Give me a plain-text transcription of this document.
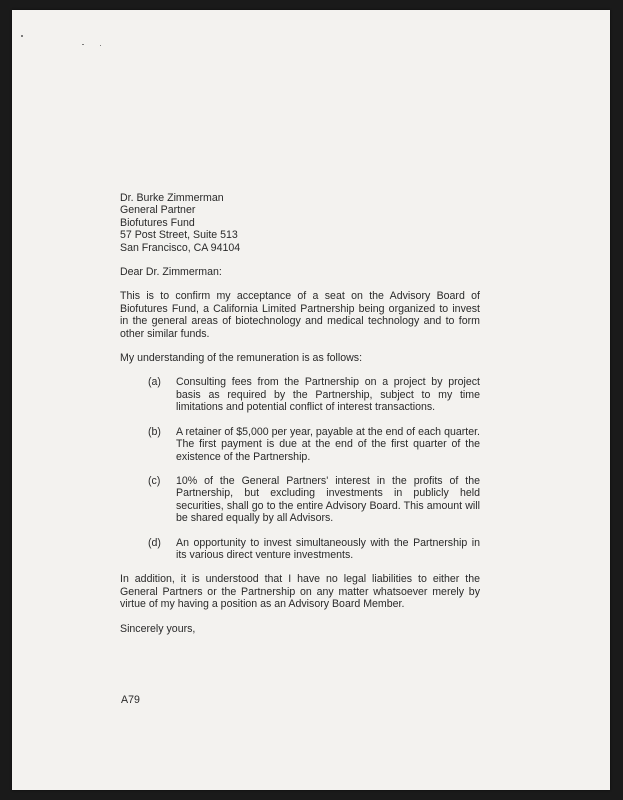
Dr. Burke Zimmerman
General Partner
Biofutures Fund
57 Post Street, Suite 513
San Francisco, CA 94104
Dear Dr. Zimmerman:
This is to confirm my acceptance of a seat on the Advisory Board of Biofutures Fund, a California Limited Partnership being organized to invest in the general areas of biotechnology and medical technology and to form other similar funds.
My understanding of the remuneration is as follows:
(a)	Consulting fees from the Partnership on a project by project basis as required by the Partnership, subject to my time limitations and potential conflict of interest transactions.
(b)	A retainer of $5,000 per year, payable at the end of each quarter. The first payment is due at the end of the first quarter of the existence of the Partnership.
(c)	10% of the General Partners' interest in the profits of the Partnership, but excluding investments in publicly held securities, shall go to the entire Advisory Board. This amount will be shared equally by all Advisors.
(d)	An opportunity to invest simultaneously with the Partnership in its various direct venture investments.
In addition, it is understood that I have no legal liabilities to either the General Partners or the Partnership on any matter whatsoever merely by virtue of my having a position as an Advisory Board Member.
Sincerely yours,
A79
